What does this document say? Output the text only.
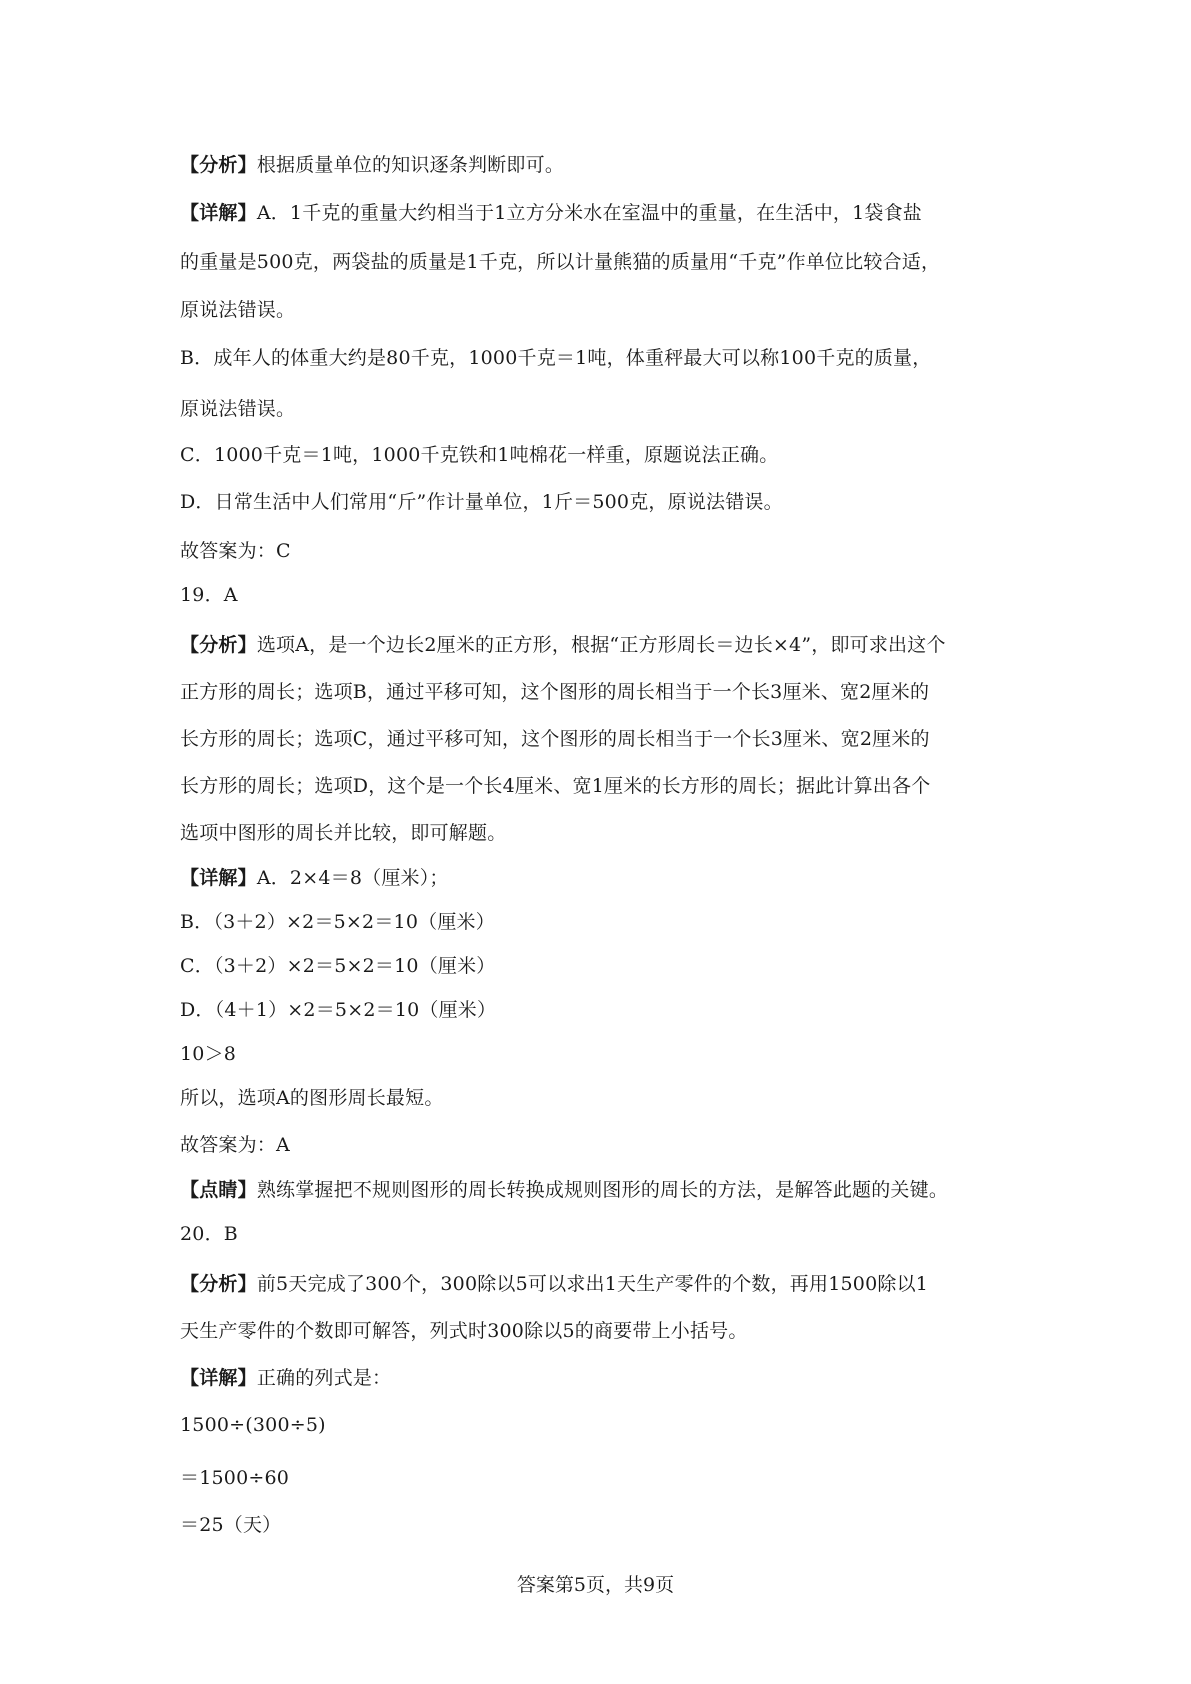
【分析】根据质量单位的知识逐条判断即可。
【详解】A．1千克的重量大约相当于1立方分米水在室温中的重量，在生活中，1袋食盐
的重量是500克，两袋盐的质量是1千克，所以计量熊猫的质量用“千克”作单位比较合适，
原说法错误。
B．成年人的体重大约是80千克，1000千克＝1吨，体重秤最大可以称100千克的质量，
原说法错误。
C．1000千克＝1吨，1000千克铁和1吨棉花一样重，原题说法正确。
D．日常生活中人们常用“斤”作计量单位，1斤＝500克，原说法错误。
故答案为：C
19．A
【分析】选项A，是一个边长2厘米的正方形，根据“正方形周长＝边长×4”，即可求出这个
正方形的周长；选项B，通过平移可知，这个图形的周长相当于一个长3厘米、宽2厘米的
长方形的周长；选项C，通过平移可知，这个图形的周长相当于一个长3厘米、宽2厘米的
长方形的周长；选项D，这个是一个长4厘米、宽1厘米的长方形的周长；据此计算出各个
选项中图形的周长并比较，即可解题。
【详解】A．2×4＝8（厘米）；
B．（3＋2）×2＝5×2＝10（厘米）
C．（3＋2）×2＝5×2＝10（厘米）
D．（4＋1）×2＝5×2＝10（厘米）
10＞8
所以，选项A的图形周长最短。
故答案为：A
【点睛】熟练掌握把不规则图形的周长转换成规则图形的周长的方法，是解答此题的关键。
20．B
【分析】前5天完成了300个，300除以5可以求出1天生产零件的个数，再用1500除以1
天生产零件的个数即可解答，列式时300除以5的商要带上小括号。
【详解】正确的列式是：
1500÷(300÷5)
＝1500÷60
＝25（天）
答案第5页，共9页
